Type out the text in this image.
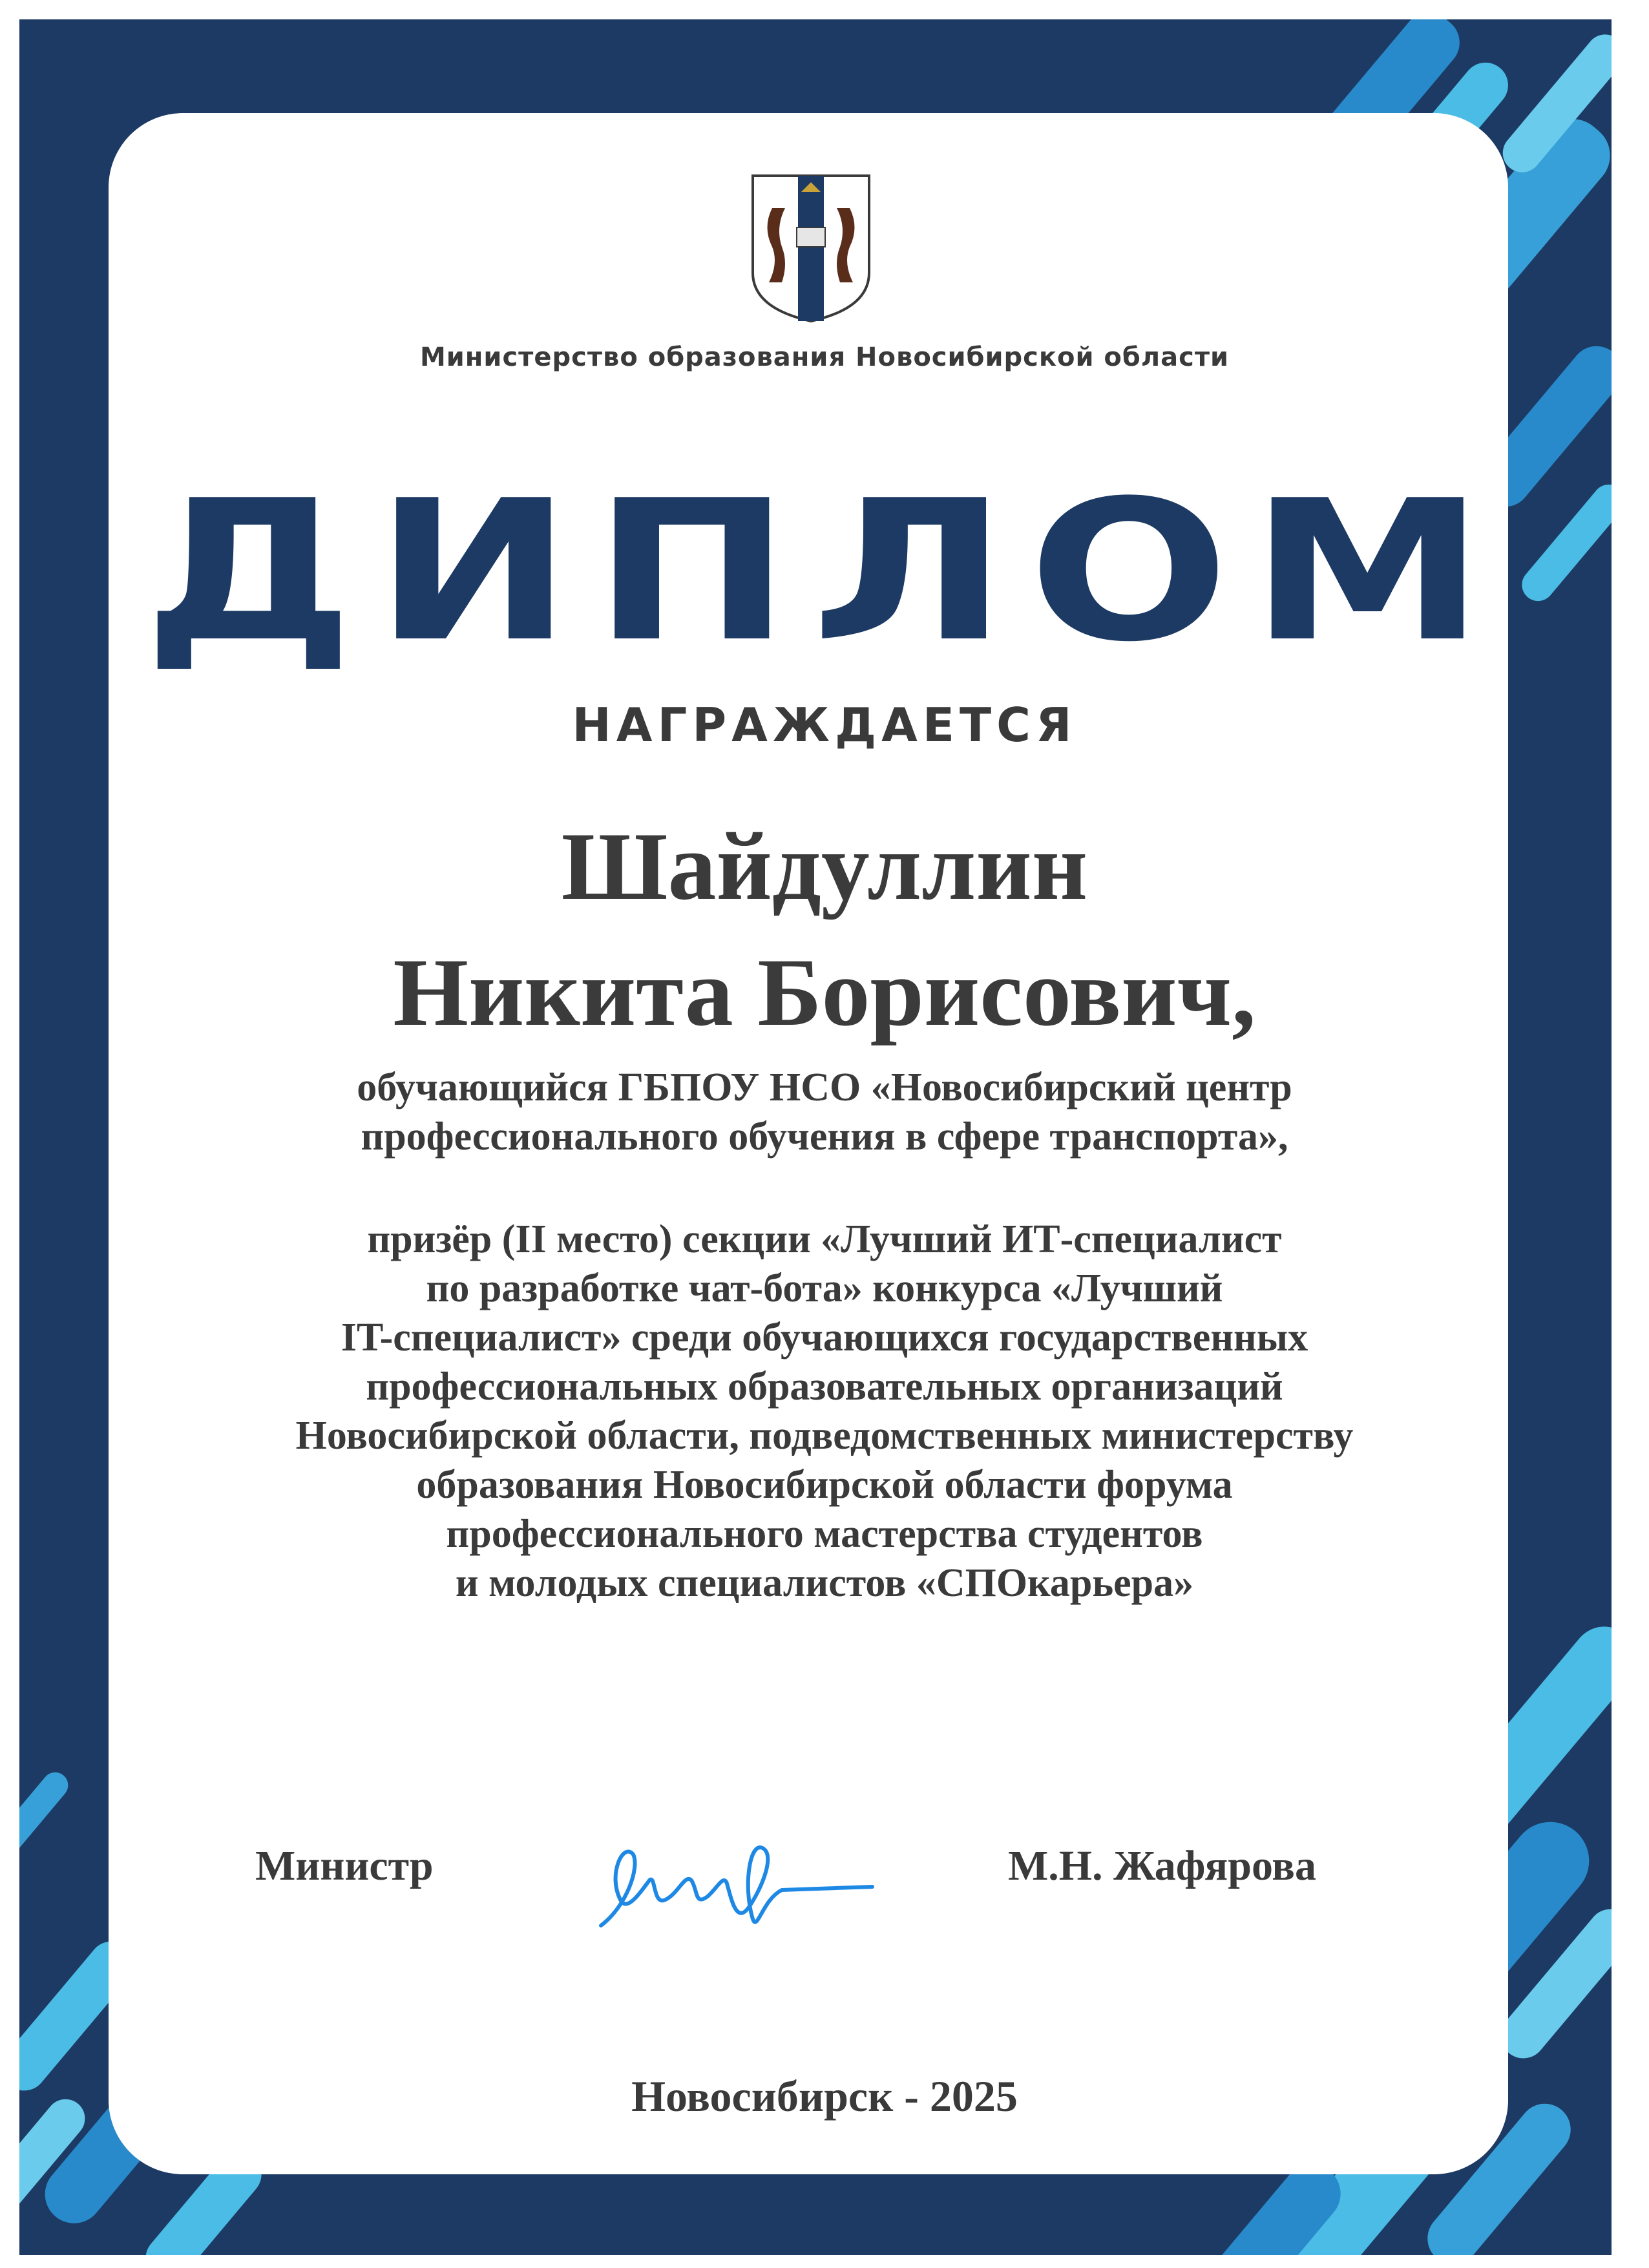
Министерство образования Новосибирской области
ДИПЛОМ
НАГРАЖДАЕТСЯ
Шайдуллин
Никита Борисович,
обучающийся ГБПОУ НСО «Новосибирский центр
профессионального обучения в сфере транспорта»,
призёр (II место) секции «Лучший ИТ-специалист
по разработке чат-бота» конкурса «Лучший
IT-специалист» среди обучающихся государственных
профессиональных образовательных организаций
Новосибирской области, подведомственных министерству
образования Новосибирской области форума
профессионального мастерства студентов
и молодых специалистов «СПОкарьера»
Министр	М.Н. Жафярова
Новосибирск - 2025
